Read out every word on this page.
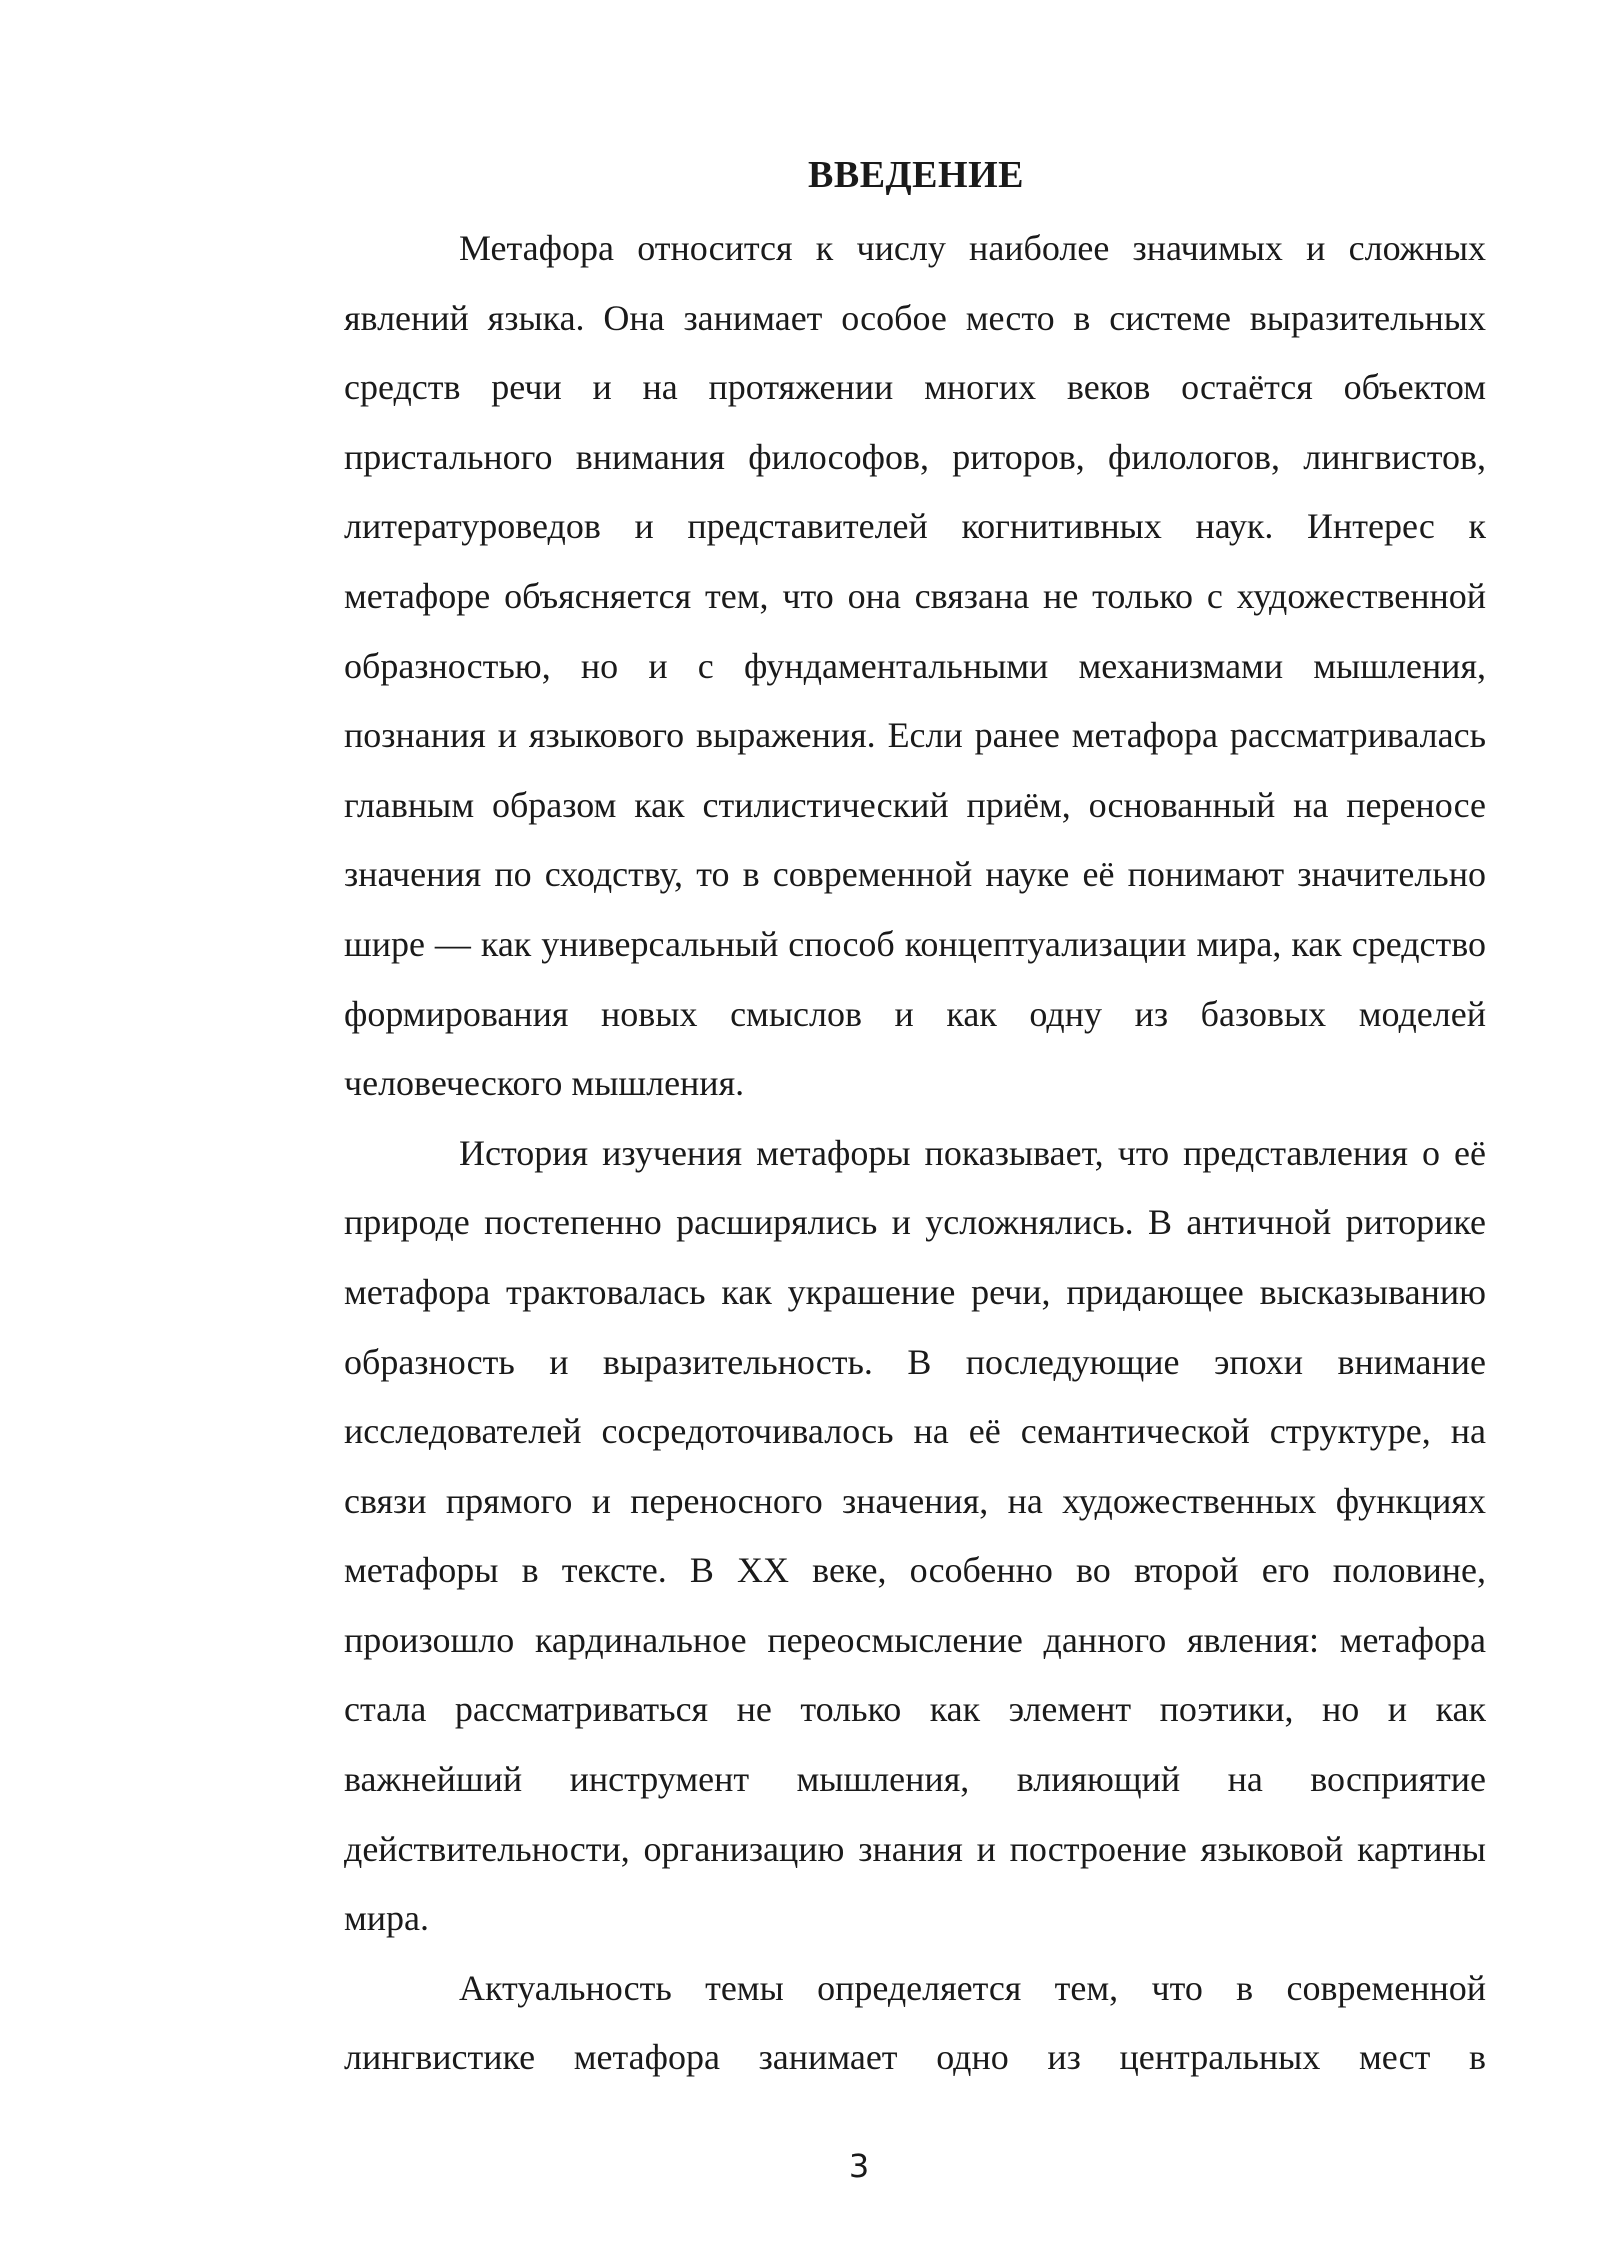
ВВЕДЕНИЕ
Метафора относится к числу наиболее значимых и сложных
явлений языка. Она занимает особое место в системе выразительных
средств речи и на протяжении многих веков остаётся объектом
пристального внимания философов, риторов, филологов, лингвистов,
литературоведов и представителей когнитивных наук. Интерес к
метафоре объясняется тем, что она связана не только с художественной
образностью, но и с фундаментальными механизмами мышления,
познания и языкового выражения. Если ранее метафора рассматривалась
главным образом как стилистический приём, основанный на переносе
значения по сходству, то в современной науке её понимают значительно
шире — как универсальный способ концептуализации мира, как средство
формирования новых смыслов и как одну из базовых моделей
человеческого мышления.
История изучения метафоры показывает, что представления о её
природе постепенно расширялись и усложнялись. В античной риторике
метафора трактовалась как украшение речи, придающее высказыванию
образность и выразительность. В последующие эпохи внимание
исследователей сосредоточивалось на её семантической структуре, на
связи прямого и переносного значения, на художественных функциях
метафоры в тексте. В XX веке, особенно во второй его половине,
произошло кардинальное переосмысление данного явления: метафора
стала рассматриваться не только как элемент поэтики, но и как
важнейший инструмент мышления, влияющий на восприятие
действительности, организацию знания и построение языковой картины
мира.
Актуальность темы определяется тем, что в современной
лингвистике метафора занимает одно из центральных мест в
3
